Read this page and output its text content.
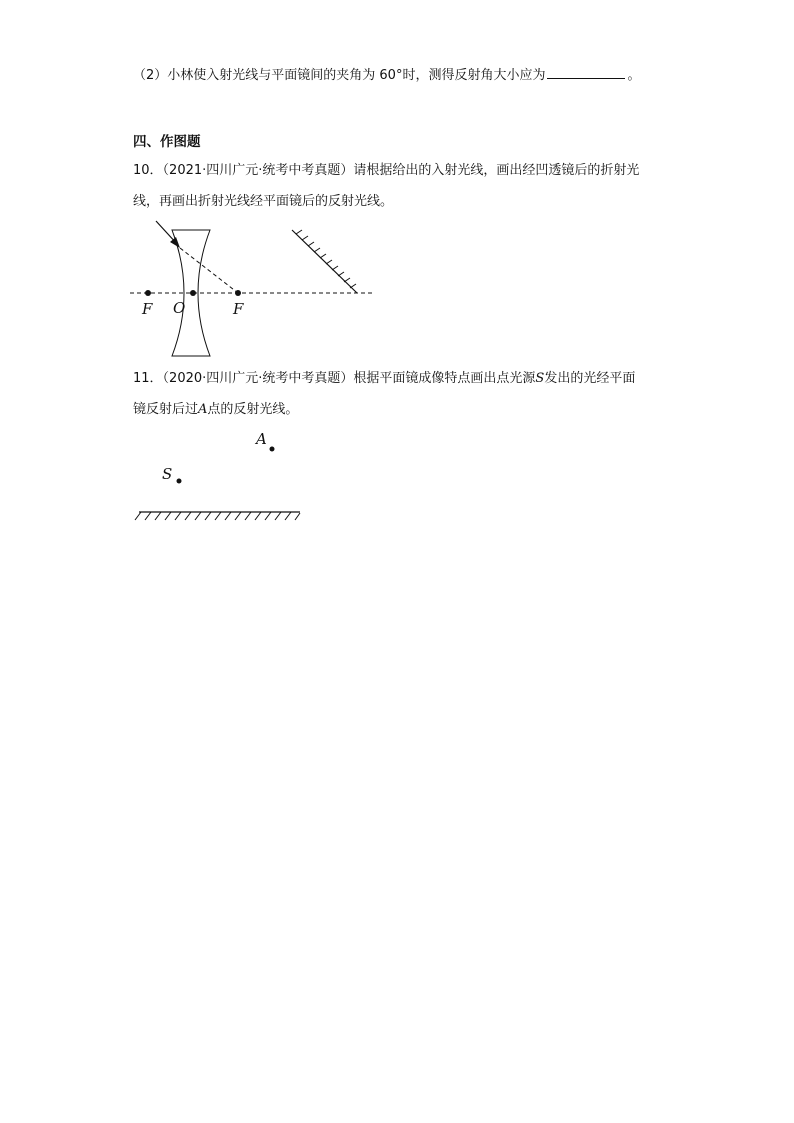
（2）小林使入射光线与平面镜间的夹角为 60°时，测得反射角大小应为	。
四、作图题
10．（2021·四川广元·统考中考真题）请根据给出的入射光线，画出经凹透镜后的折射光
线，再画出折射光线经平面镜后的反射光线。
F O	F
A
S
11．（2020·四川广元·统考中考真题）根据平面镜成像特点画出点光源S发出的光经平面
镜反射后过A点的反射光线。
